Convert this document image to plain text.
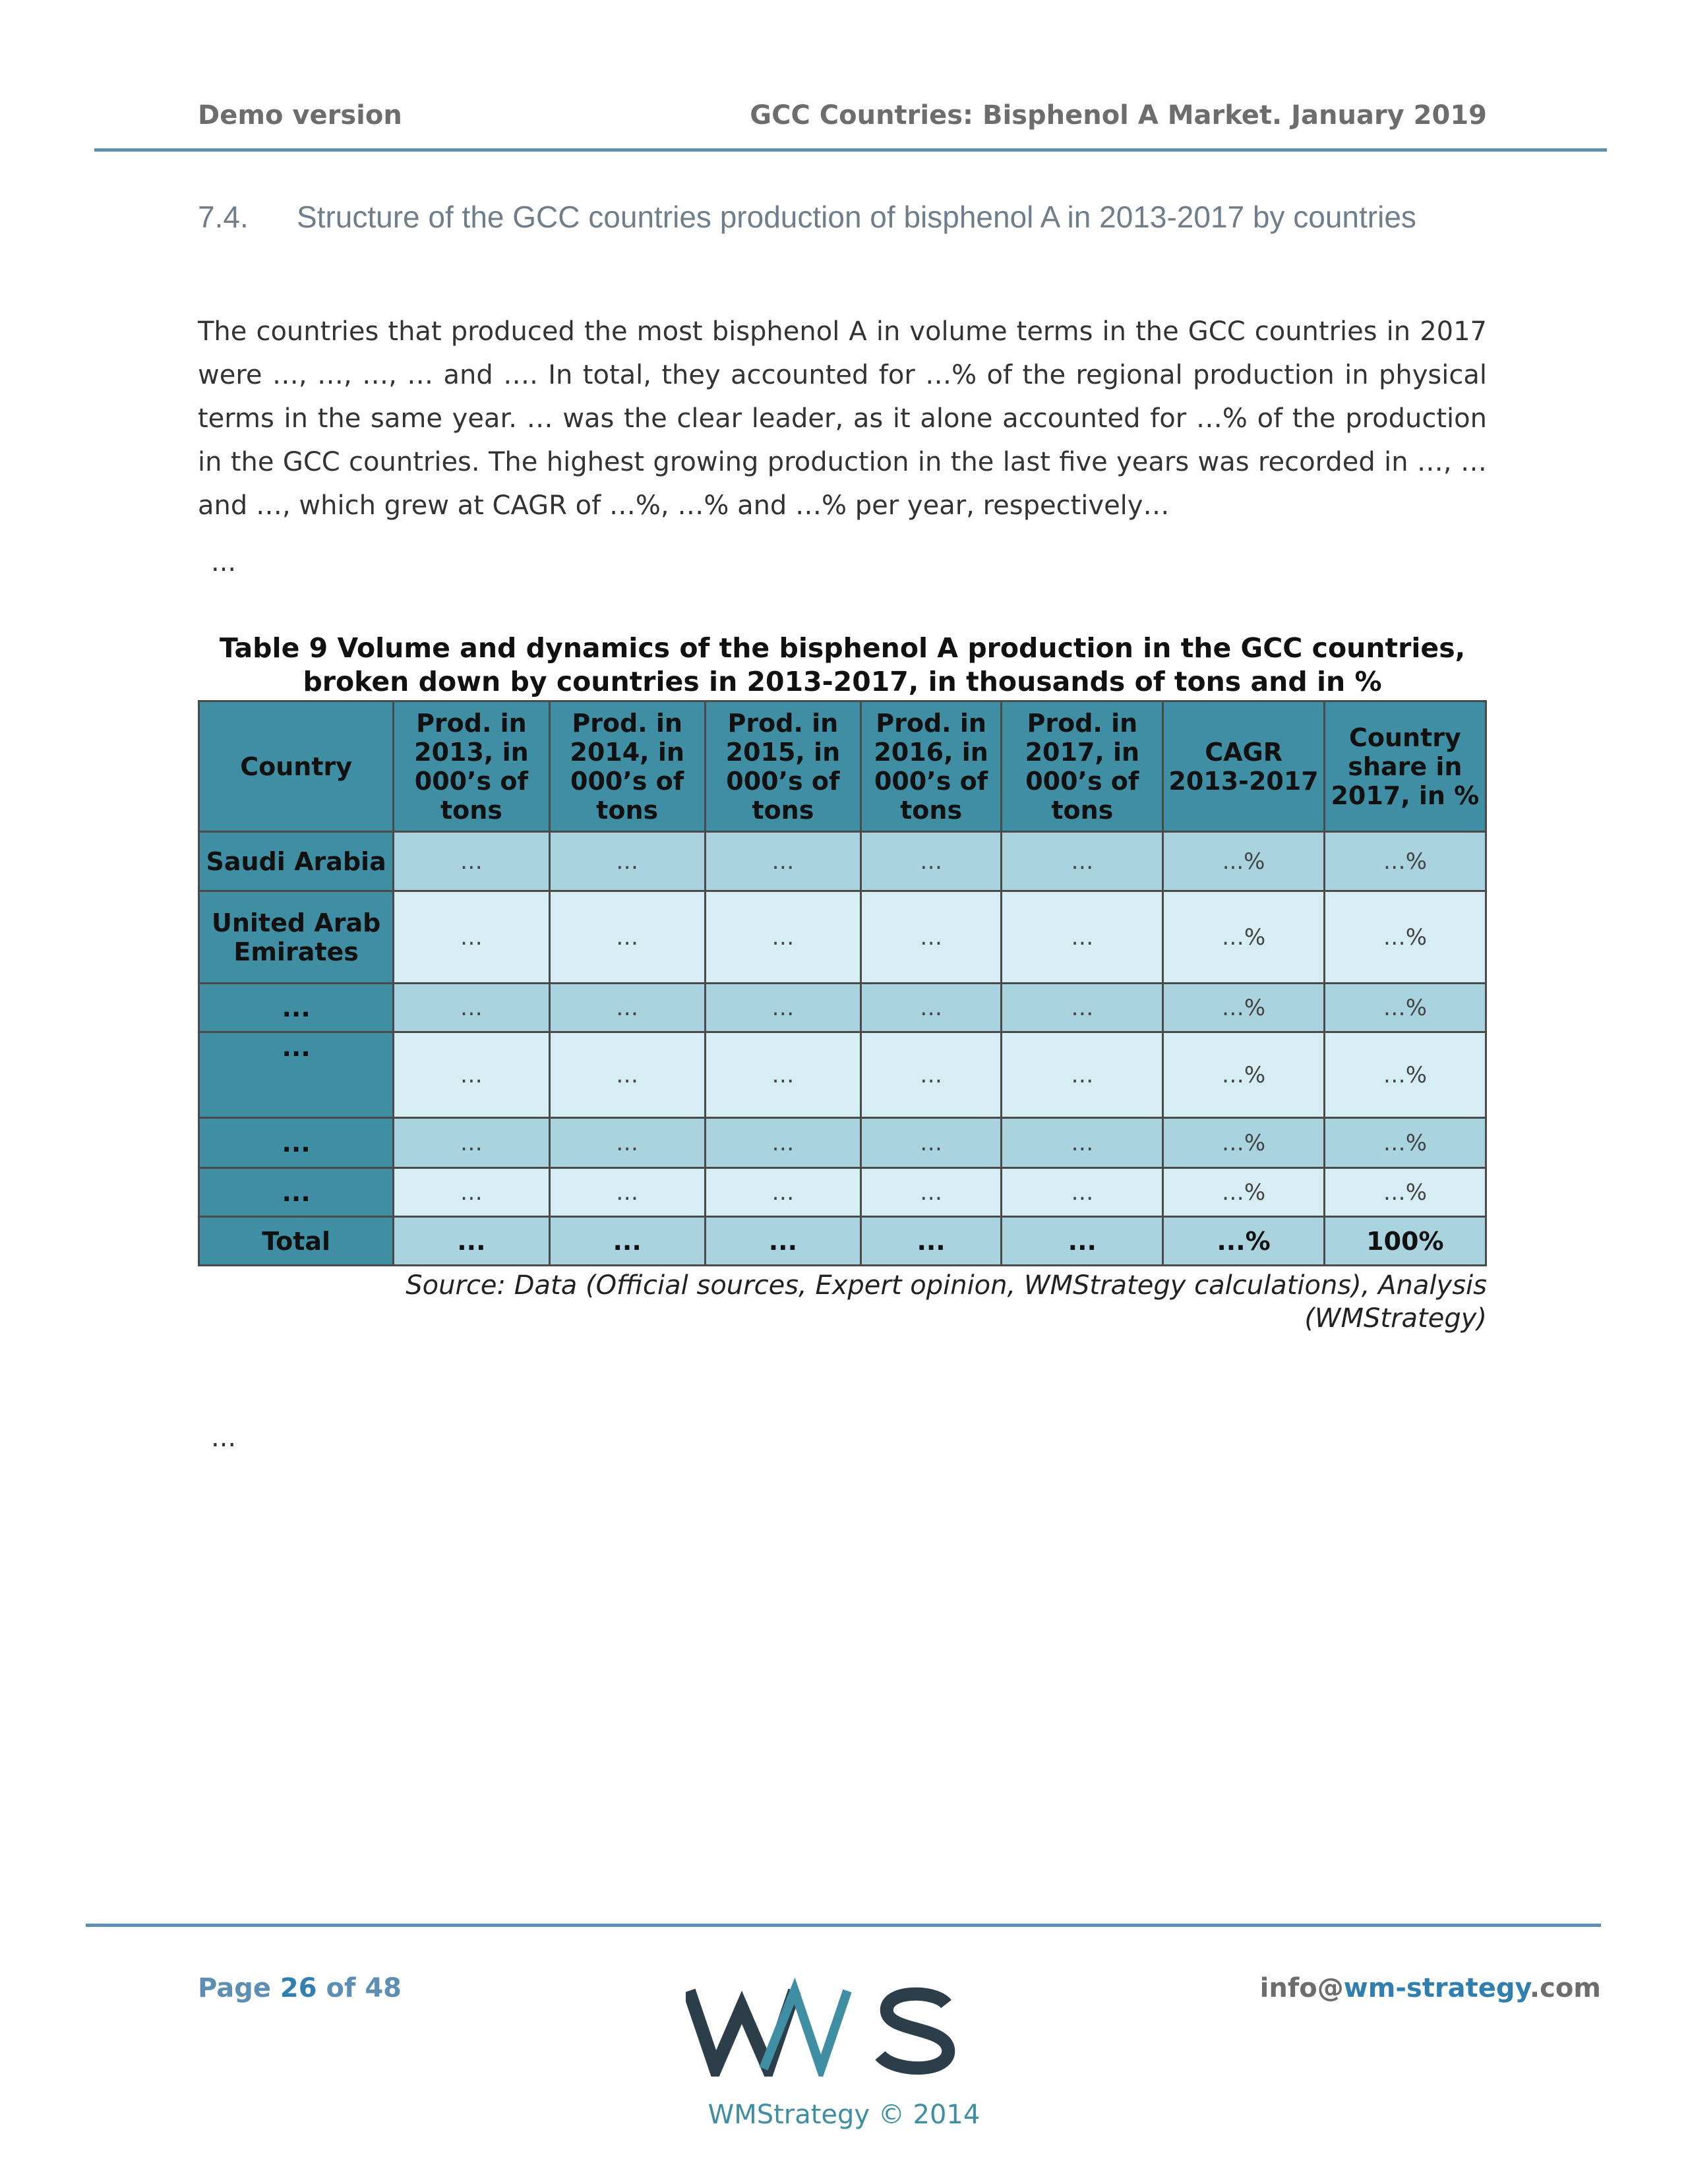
Demo version	GCC Countries: Bisphenol A Market. January 2019
7.4. Structure of the GCC countries production of bisphenol A in 2013-2017 by countries
The countries that produced the most bisphenol A in volume terms in the GCC countries in 2017 were …, …, …, … and …. In total, they accounted for …% of the regional production in physical terms in the same year. … was the clear leader, as it alone accounted for …% of the production in the GCC countries. The highest growing production in the last five years was recorded in …, … and …, which grew at CAGR of …%, …% and …% per year, respectively…
...
Table 9 Volume and dynamics of the bisphenol A production in the GCC countries,
broken down by countries in 2013-2017, in thousands of tons and in %
Country	Prod. in 2013, in 000’s of tons	Prod. in 2014, in 000’s of tons	Prod. in 2015, in 000’s of tons	Prod. in 2016, in 000’s of tons	Prod. in 2017, in 000’s of tons	CAGR 2013-2017	Country share in 2017, in %
Saudi Arabia	…	…	…	…	…	...%	…%
United Arab Emirates	…	…	…	…	…	…%	…%
...	…	…	…	…	…	…%	…%
...	…	…	…	…	…	…%	…%
...	…	…	…	…	…	…%	…%
...	…	…	…	…	…	…%	…%
Total	...	...	...	...	...	...%	100%
Source: Data (Official sources, Expert opinion, WMStrategy calculations), Analysis
(WMStrategy)
...
Page 26 of 48	info@wm-strategy.com
WMStrategy © 2014
